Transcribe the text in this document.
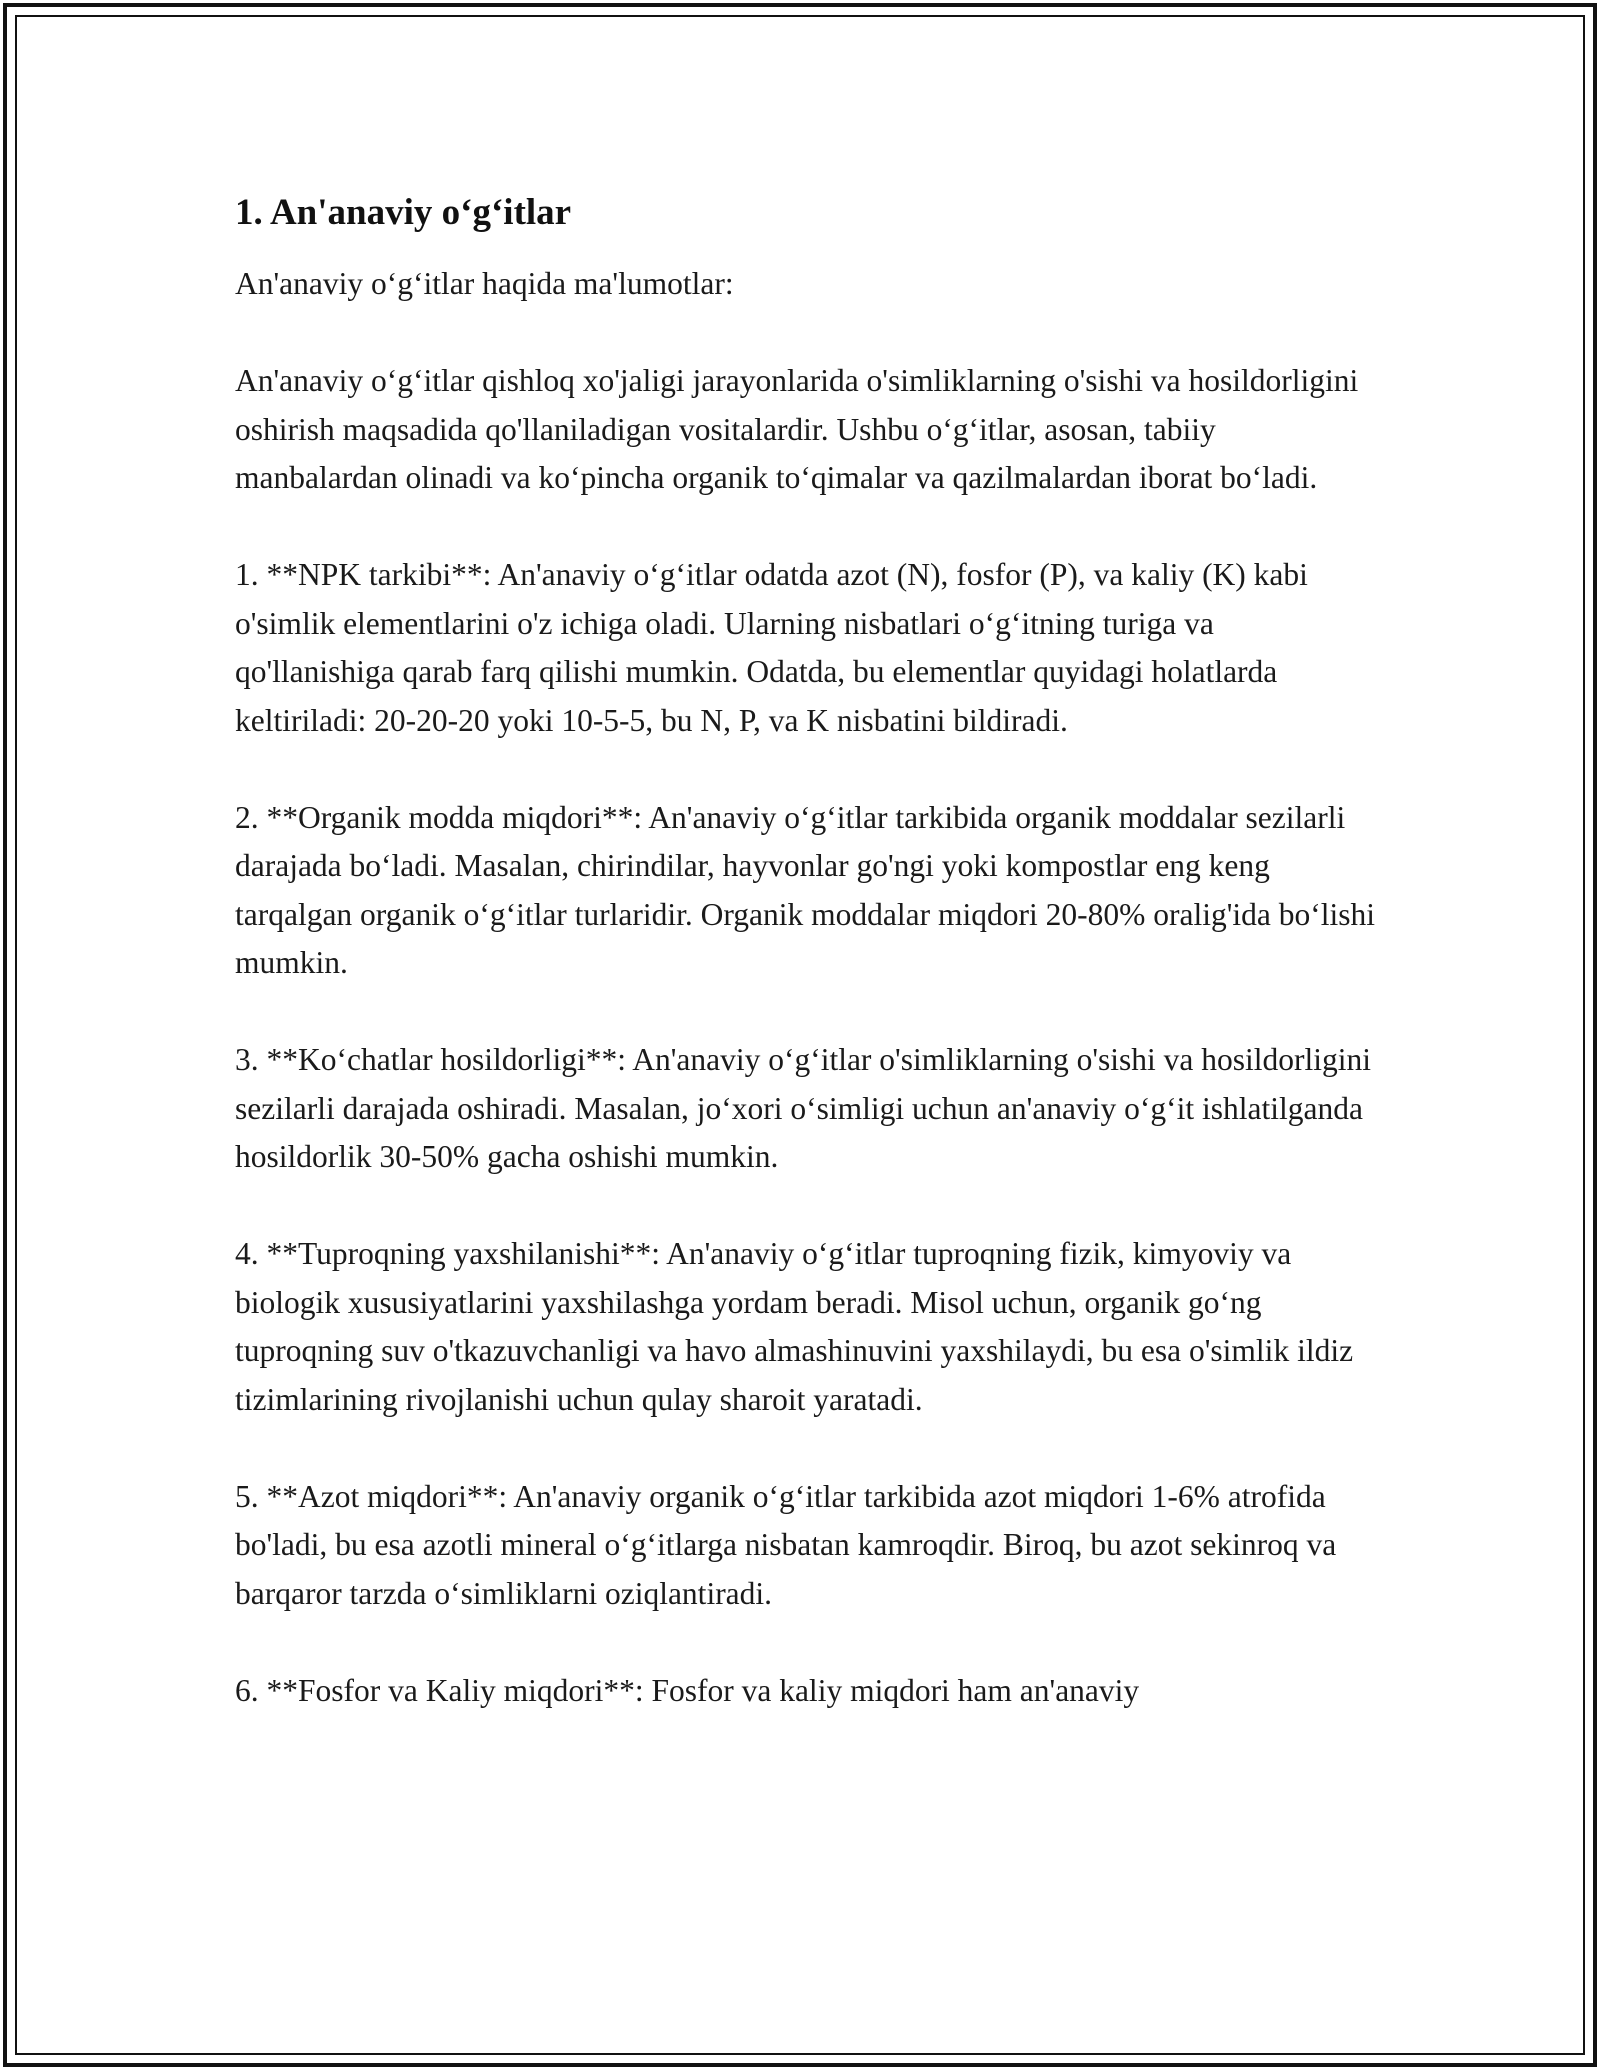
1. An'anaviy o‘g‘itlar

An'anaviy o‘g‘itlar haqida ma'lumotlar:

An'anaviy o‘g‘itlar qishloq xo'jaligi jarayonlarida o'simliklarning o'sishi va hosildorligini oshirish maqsadida qo'llaniladigan vositalardir. Ushbu o‘g‘itlar, asosan, tabiiy manbalardan olinadi va ko‘pincha organik to‘qimalar va qazilmalardan iborat bo‘ladi.

1. **NPK tarkibi**: An'anaviy o‘g‘itlar odatda azot (N), fosfor (P), va kaliy (K) kabi o'simlik elementlarini o'z ichiga oladi. Ularning nisbatlari o‘g‘itning turiga va qo'llanishiga qarab farq qilishi mumkin. Odatda, bu elementlar quyidagi holatlarda keltiriladi: 20-20-20 yoki 10-5-5, bu N, P, va K nisbatini bildiradi.

2. **Organik modda miqdori**: An'anaviy o‘g‘itlar tarkibida organik moddalar sezilarli darajada bo‘ladi. Masalan, chirindilar, hayvonlar go'ngi yoki kompostlar eng keng tarqalgan organik o‘g‘itlar turlaridir. Organik moddalar miqdori 20-80% oralig'ida bo‘lishi mumkin.

3. **Ko‘chatlar hosildorligi**: An'anaviy o‘g‘itlar o'simliklarning o'sishi va hosildorligini sezilarli darajada oshiradi. Masalan, jo‘xori o‘simligi uchun an'anaviy o‘g‘it ishlatilganda hosildorlik 30-50% gacha oshishi mumkin.

4. **Tuproqning yaxshilanishi**: An'anaviy o‘g‘itlar tuproqning fizik, kimyoviy va biologik xususiyatlarini yaxshilashga yordam beradi. Misol uchun, organik go‘ng tuproqning suv o'tkazuvchanligi va havo almashinuvini yaxshilaydi, bu esa o'simlik ildiz tizimlarining rivojlanishi uchun qulay sharoit yaratadi.

5. **Azot miqdori**: An'anaviy organik o‘g‘itlar tarkibida azot miqdori 1-6% atrofida bo'ladi, bu esa azotli mineral o‘g‘itlarga nisbatan kamroqdir. Biroq, bu azot sekinroq va barqaror tarzda o‘simliklarni oziqlantiradi.

6. **Fosfor va Kaliy miqdori**: Fosfor va kaliy miqdori ham an'anaviy
